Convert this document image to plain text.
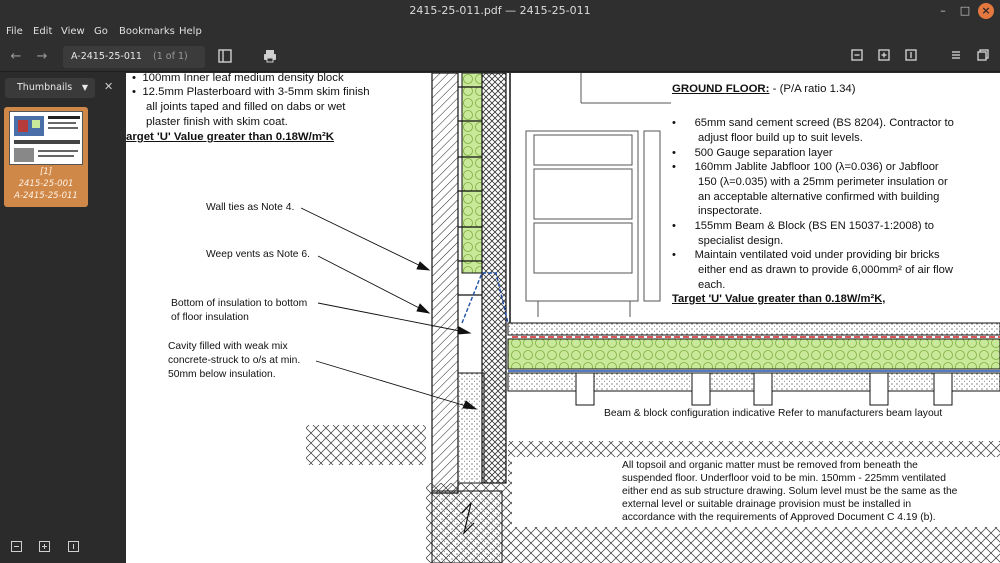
2415-25-011.pdf — 2415-25-011	–	□	×
File Edit View Go Bookmarks Help
← →	A-2415-25-011 (1 of 1)
Thumbnails ▼ ✕
[1]
2415-25-001
A-2415-25-011
•  100mm Inner leaf medium density block
•  12.5mm Plasterboard with 3-5mm skim finish
all joints taped and filled on dabs or wet
plaster finish with skim coat.
arget 'U' Value greater than 0.18W/m²K
Wall ties as Note 4.
Weep vents as Note 6.
Bottom of insulation to bottom
of floor insulation
Cavity filled with weak mix
concrete-struck to o/s at min.
50mm below insulation.
GROUND FLOOR: - (P/A ratio 1.34)
•      65mm sand cement screed (BS 8204). Contractor to
adjust floor build up to suit levels.
•      500 Gauge separation layer
•      160mm Jablite Jabfloor 100 (λ=0.036) or Jabfloor
150 (λ=0.035) with a 25mm perimeter insulation or
an acceptable alternative confirmed with building
inspectorate.
•      155mm Beam & Block (BS EN 15037-1:2008) to
specialist design.
•      Maintain ventilated void under providing bir bricks
either end as drawn to provide 6,000mm² of air flow
each.
Target 'U' Value greater than 0.18W/m²K,
Beam & block configuration indicative Refer to manufacturers beam layout
All topsoil and organic matter must be removed from beneath the
suspended floor. Underfloor void to be min. 150mm - 225mm ventilated
either end as sub structure drawing. Solum level must be the same as the
external level or suitable drainage provision must be installed in
accordance with the requirements of Approved Document C 4.19 (b).
